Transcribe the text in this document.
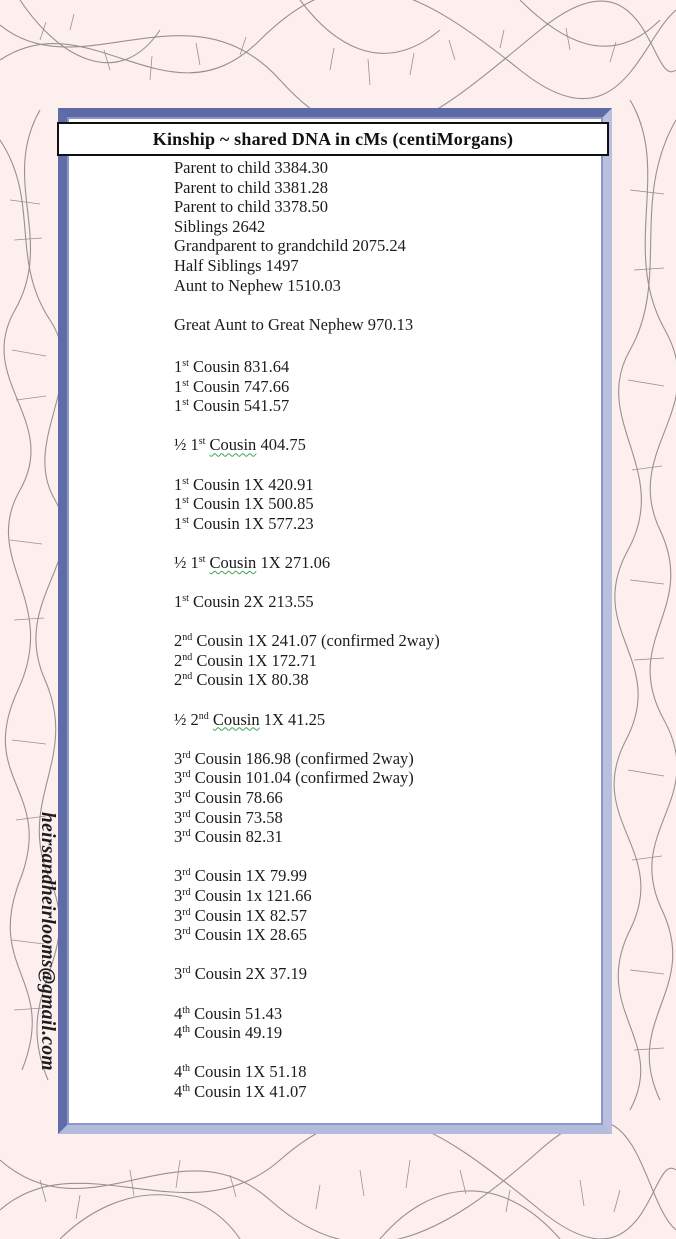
Kinship ~ shared DNA in cMs (centiMorgans)
Parent to child 3384.30
Parent to child 3381.28
Parent to child 3378.50
Siblings 2642
Grandparent to grandchild 2075.24
Half Siblings 1497
Aunt to Nephew 1510.03
Great Aunt to Great Nephew 970.13
1st Cousin 831.64
1st Cousin 747.66
1st Cousin 541.57
½ 1st Cousin 404.75
1st Cousin 1X 420.91
1st Cousin 1X 500.85
1st Cousin 1X 577.23
½ 1st Cousin 1X 271.06
1st Cousin 2X 213.55
2nd Cousin 1X 241.07 (confirmed 2way)
2nd Cousin 1X 172.71
2nd Cousin 1X 80.38
½ 2nd Cousin 1X 41.25
3rd Cousin 186.98 (confirmed 2way)
3rd Cousin 101.04 (confirmed 2way)
3rd Cousin 78.66
3rd Cousin 73.58
3rd Cousin 82.31
3rd Cousin 1X 79.99
3rd Cousin 1x 121.66
3rd Cousin 1X 82.57
3rd Cousin 1X 28.65
3rd Cousin 2X 37.19
4th Cousin 51.43
4th Cousin 49.19
4th Cousin 1X 51.18
4th Cousin 1X 41.07
heirsandheirlooms@gmail.com
